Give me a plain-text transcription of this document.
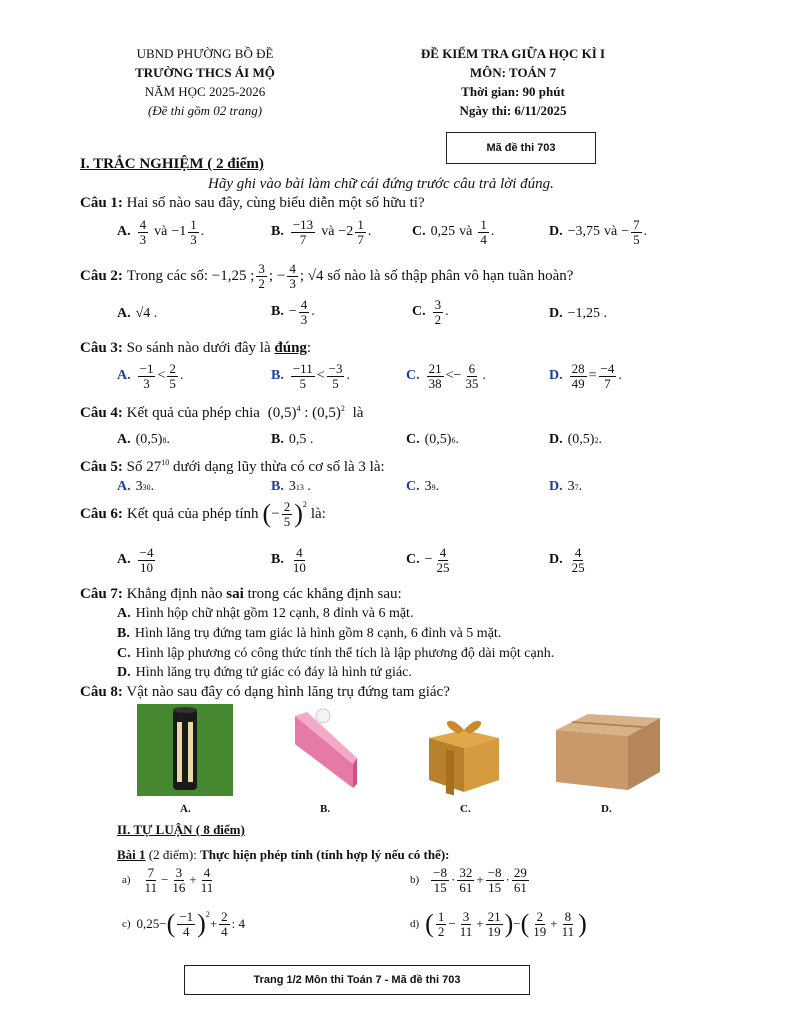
UBND PHƯỜNG BỒ ĐỀ
TRƯỜNG THCS ÁI MỘ
NĂM HỌC 2025-2026
(Đề thi gồm 02 trang)
ĐỀ KIỂM TRA GIỮA HỌC KÌ I
MÔN: TOÁN 7
Thời gian: 90 phút
Ngày thi: 6/11/2025
Mã đề thi 703
I. TRẮC NGHIỆM ( 2 điểm)
Hãy ghi vào bài làm chữ cái đứng trước câu trả lời đúng.
Câu 1: Hai số nào sau đây, cùng biểu diễn một số hữu tỉ?
A. $\frac{4}{3}$ và $-1 \frac{1}{3}$ .	B. $\frac{-13}{7}$ và $-2 \frac{1}{7}$ .	C. 0,25 và $\frac{1}{4}$ .	D. −3,75 và − $\frac{7}{5}$ .
Câu 2: Trong các số: −1,25 ; $\frac{3}{2}$ ; − $\frac{4}{3}$ ; √4 số nào là số thập phân vô hạn tuần hoàn?
A. √4 .	B. − $\frac{4}{3}$ .	C. $\frac{3}{2}$ .	D. −1,25 .
Câu 3: So sánh nào dưới đây là đúng:
A. $\frac{-1}{3} < \frac{2}{5}$ .	B. $\frac{-11}{5} < \frac{-3}{5}$ .	C. $\frac{21}{38} <- \frac{6}{35}$ .	D. $\frac{28}{49} = \frac{-4}{7}$ .
Câu 4: Kết quả của phép chia $(0,5)^4$ : $(0,5)^2$ là
A. (0,5) 8 .	B. 0,5 .	C. (0,5) 6 .	D. (0,5) 2 .
Câu 5: Số $27^{10}$ dưới dạng lũy thừa có cơ số là 3 là:
A. 3 30 .	B. 3 13 .	C. 3 9 .	D. 3 7 .
Câu 6: Kết quả của phép tính ( − $\frac{2}{5}$ ) 2
là:
A. $\frac{-4}{10}$	B. $\frac{4}{10}$	C. − $\frac{4}{25}$	D. $\frac{4}{25}$
Câu 7: Khẳng định nào sai trong các khẳng định sau:
A. Hình hộp chữ nhật gồm 12 cạnh, 8 đỉnh và 6 mặt.
B. Hình lăng trụ đứng tam giác là hình gồm 8 cạnh, 6 đỉnh và 5 mặt.
C. Hình lập phương có công thức tính thể tích là lập phương độ dài một cạnh.
D. Hình lăng trụ đứng tứ giác có đáy là hình tứ giác.
Câu 8: Vật nào sau đây có dạng hình lăng trụ đứng tam giác?
A.	B.	C.	D.
II. TỰ LUẬN ( 8 điểm)
Bài 1 (2 điểm): Thực hiện phép tính (tính hợp lý nếu có thể):
$a) \frac{7}{11} - \frac{3}{16} + \frac{4}{11}$	$b) \frac{-8}{15} \cdot \frac{32}{61} + \frac{-8}{15} \cdot \frac{29}{61}$
c) 0,25− ( $\frac{-1}{4}$ ) 2
+ $\frac{2}{4}$ : 4	d) ( $\frac{1}{2} - \frac{3}{11} + \frac{21}{19}$ ) − ( $\frac{2}{19} + \frac{8}{11}$ )
Trang 1/2 Môn thi Toán 7 - Mã đề thi 703
